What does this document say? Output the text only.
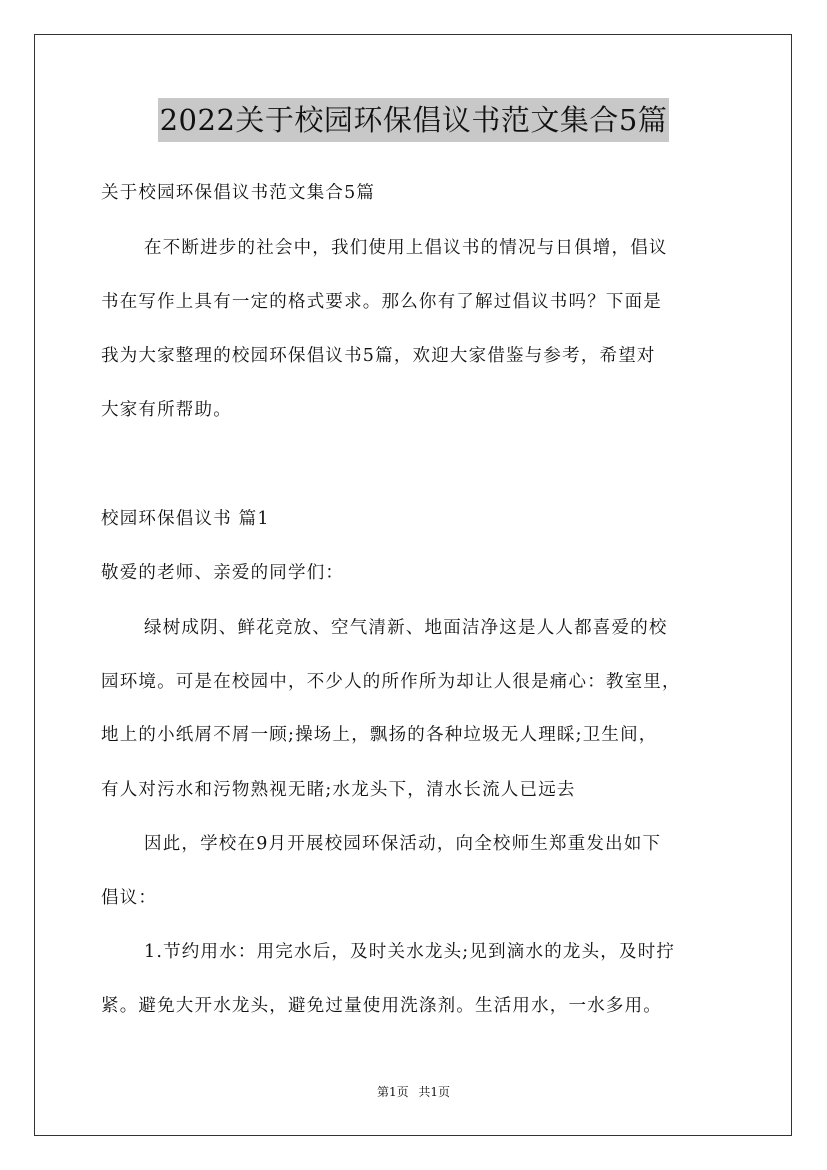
2022关于校园环保倡议书范文集合5篇
关于校园环保倡议书范文集合5篇
在不断进步的社会中，我们使用上倡议书的情况与日俱增，倡议
书在写作上具有一定的格式要求。那么你有了解过倡议书吗？下面是
我为大家整理的校园环保倡议书5篇，欢迎大家借鉴与参考，希望对
大家有所帮助。
校园环保倡议书 篇1
敬爱的老师、亲爱的同学们：
绿树成阴、鲜花竞放、空气清新、地面洁净这是人人都喜爱的校
园环境。可是在校园中，不少人的所作所为却让人很是痛心：教室里，
地上的小纸屑不屑一顾;操场上，飘扬的各种垃圾无人理睬;卫生间，
有人对污水和污物熟视无睹;水龙头下，清水长流人已远去
因此，学校在9月开展校园环保活动，向全校师生郑重发出如下
倡议：
1.节约用水：用完水后，及时关水龙头;见到滴水的龙头，及时拧
紧。避免大开水龙头，避免过量使用洗涤剂。生活用水，一水多用。
第1页 共1页
